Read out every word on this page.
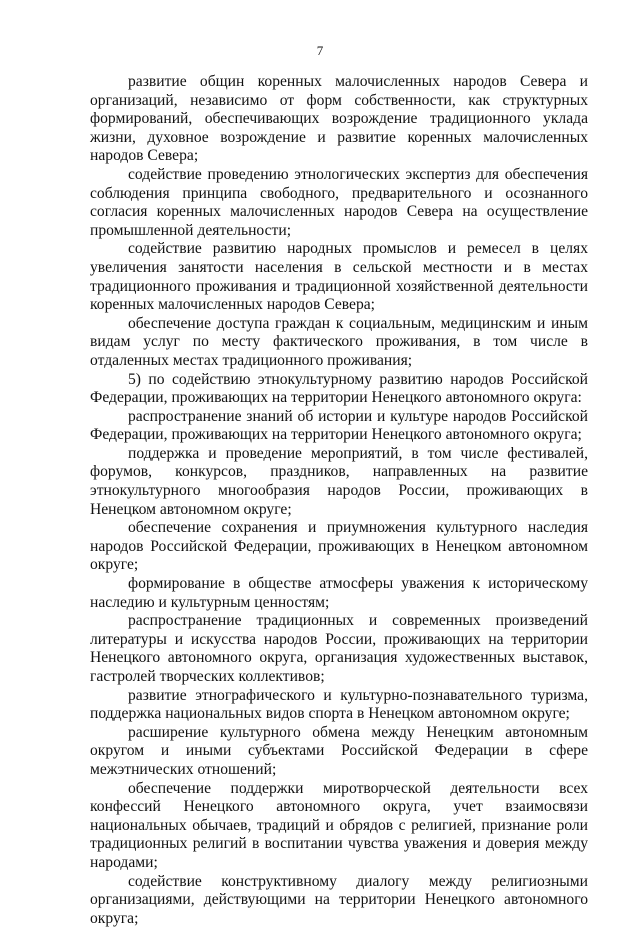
7

развитие общин коренных малочисленных народов Севера и организаций, независимо от форм собственности, как структурных формирований, обеспечивающих возрождение традиционного уклада жизни, духовное возрождение и развитие коренных малочисленных народов Севера;

содействие проведению этнологических экспертиз для обеспечения соблюдения принципа свободного, предварительного и осознанного согласия коренных малочисленных народов Севера на осуществление промышленной деятельности;

содействие развитию народных промыслов и ремесел в целях увеличения занятости населения в сельской местности и в местах традиционного проживания и традиционной хозяйственной деятельности коренных малочисленных народов Севера;

обеспечение доступа граждан к социальным, медицинским и иным видам услуг по месту фактического проживания, в том числе в отдаленных местах традиционного проживания;

5) по содействию этнокультурному развитию народов Российской Федерации, проживающих на территории Ненецкого автономного округа:

распространение знаний об истории и культуре народов Российской Федерации, проживающих на территории Ненецкого автономного округа;

поддержка и проведение мероприятий, в том числе фестивалей, форумов, конкурсов, праздников, направленных на развитие этнокультурного многообразия народов России, проживающих в Ненецком автономном округе;

обеспечение сохранения и приумножения культурного наследия народов Российской Федерации, проживающих в Ненецком автономном округе;

формирование в обществе атмосферы уважения к историческому наследию и культурным ценностям;

распространение традиционных и современных произведений литературы и искусства народов России, проживающих на территории Ненецкого автономного округа, организация художественных выставок, гастролей творческих коллективов;

развитие этнографического и культурно-познавательного туризма, поддержка национальных видов спорта в Ненецком автономном округе;

расширение культурного обмена между Ненецким автономным округом и иными субъектами Российской Федерации в сфере межэтнических отношений;

обеспечение поддержки миротворческой деятельности всех конфессий Ненецкого автономного округа, учет взаимосвязи национальных обычаев, традиций и обрядов с религией, признание роли традиционных религий в воспитании чувства уважения и доверия между народами;

содействие конструктивному диалогу между религиозными организациями, действующими на территории Ненецкого автономного округа;
